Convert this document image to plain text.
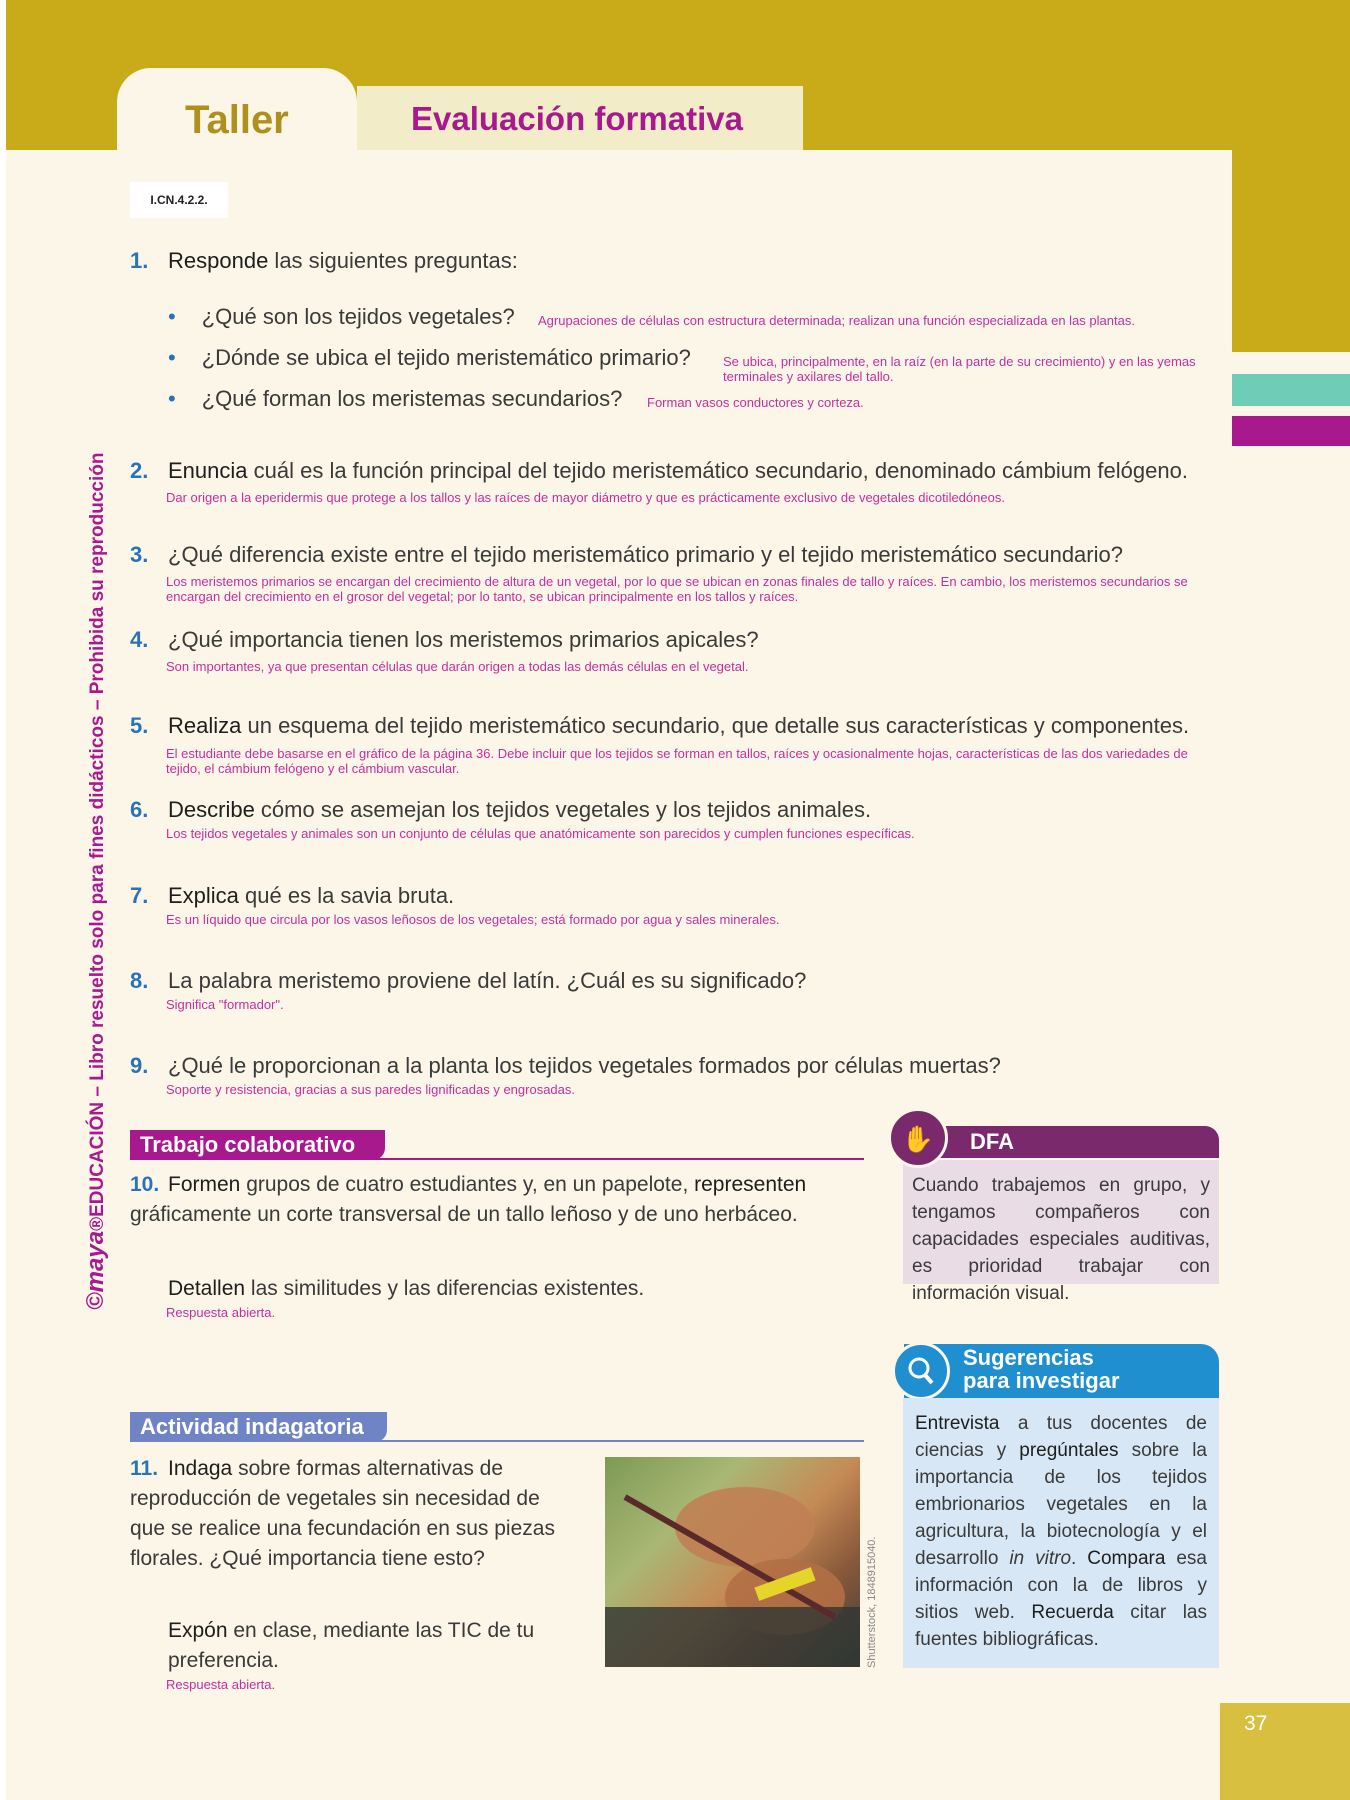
Taller	Evaluación formativa
I.CN.4.2.2.
©maya®EDUCACIÓN – Libro resuelto solo para fines didácticos – Prohibida su reproducción
1. Responde las siguientes preguntas:
• ¿Qué son los tejidos vegetales? Agrupaciones de células con estructura determinada; realizan una función especializada en las plantas.
• ¿Dónde se ubica el tejido meristemático primario? Se ubica, principalmente, en la raíz (en la parte de su crecimiento) y en las yemas terminales y axilares del tallo.
• ¿Qué forman los meristemas secundarios? Forman vasos conductores y corteza.
2. Enuncia cuál es la función principal del tejido meristemático secundario, denominado cámbium felógeno.
Dar origen a la eperidermis que protege a los tallos y las raíces de mayor diámetro y que es prácticamente exclusivo de vegetales dicotiledóneos.
3. ¿Qué diferencia existe entre el tejido meristemático primario y el tejido meristemático secundario?
Los meristemos primarios se encargan del crecimiento de altura de un vegetal, por lo que se ubican en zonas finales de tallo y raíces. En cambio, los meristemos secundarios se encargan del crecimiento en el grosor del vegetal; por lo tanto, se ubican principalmente en los tallos y raíces.
4. ¿Qué importancia tienen los meristemos primarios apicales?
Son importantes, ya que presentan células que darán origen a todas las demás células en el vegetal.
5. Realiza un esquema del tejido meristemático secundario, que detalle sus características y componentes.
El estudiante debe basarse en el gráfico de la página 36. Debe incluir que los tejidos se forman en tallos, raíces y ocasionalmente hojas, características de las dos variedades de tejido, el cámbium felógeno y el cámbium vascular.
6. Describe cómo se asemejan los tejidos vegetales y los tejidos animales.
Los tejidos vegetales y animales son un conjunto de células que anatómicamente son parecidos y cumplen funciones específicas.
7. Explica qué es la savia bruta.
Es un líquido que circula por los vasos leñosos de los vegetales; está formado por agua y sales minerales.
8. La palabra meristemo proviene del latín. ¿Cuál es su significado?
Significa "formador".
9. ¿Qué le proporcionan a la planta los tejidos vegetales formados por células muertas?
Soporte y resistencia, gracias a sus paredes lignificadas y engrosadas.
Trabajo colaborativo
10. Formen grupos de cuatro estudiantes y, en un papelote, representen gráficamente un corte transversal de un tallo leñoso y de uno herbáceo.
Detallen las similitudes y las diferencias existentes.
Respuesta abierta.
DFA
✋
Cuando trabajemos en grupo, y tengamos compañeros con capacidades especiales auditivas, es prioridad trabajar con información visual.
Actividad indagatoria
11. Indaga sobre formas alternativas de reproducción de vegetales sin necesidad de que se realice una fecundación en sus piezas florales. ¿Qué importancia tiene esto?
Expón en clase, mediante las TIC de tu preferencia.
Respuesta abierta.
Shutterstock, 1848915040.
Sugerencias
para investigar
Entrevista a tus docentes de ciencias y pregúntales sobre la importancia de los tejidos embrionarios vegetales en la agricultura, la biotecnología y el desarrollo in vitro. Compara esa información con la de libros y sitios web. Recuerda citar las fuentes bibliográficas.
37
